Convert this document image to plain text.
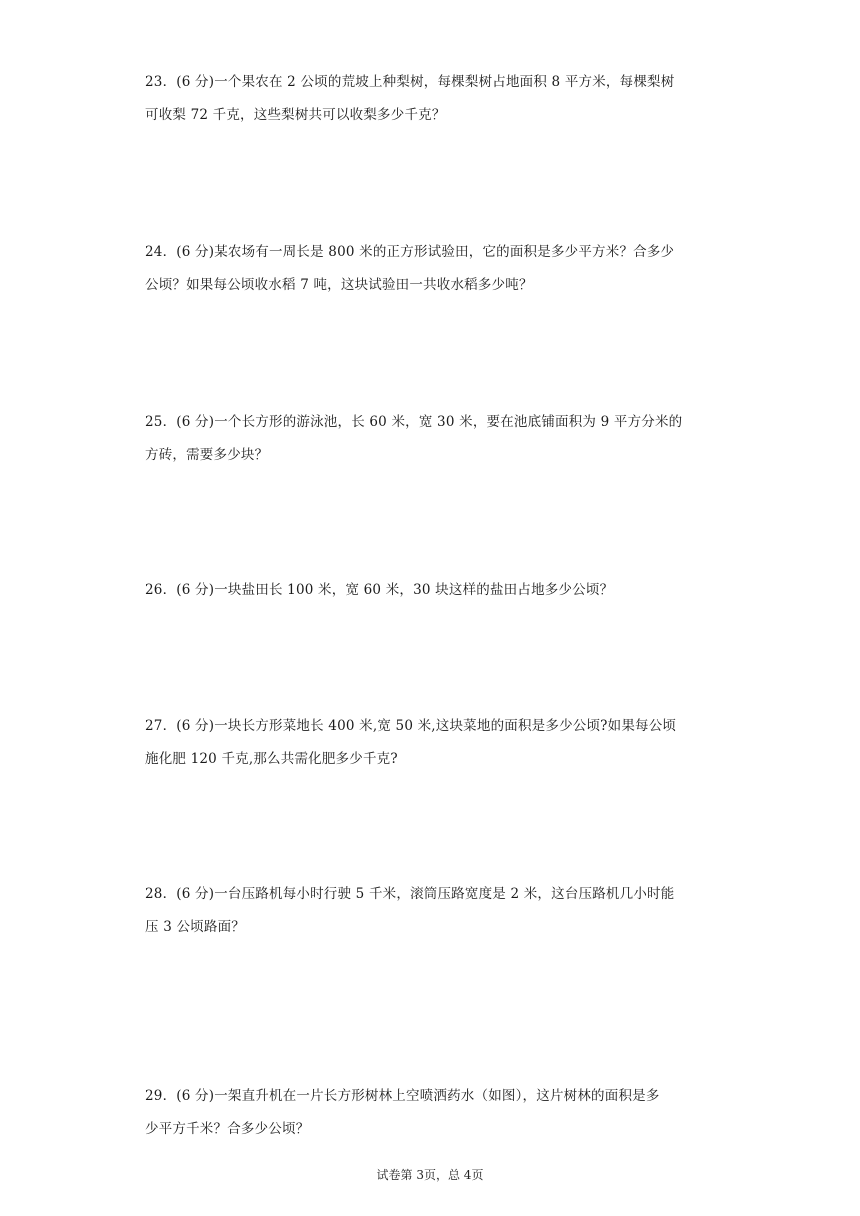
23．(6 分)一个果农在 2 公顷的荒坡上种梨树，每棵梨树占地面积 8 平方米，每棵梨树

可收梨 72 千克，这些梨树共可以收梨多少千克？

24．(6 分)某农场有一周长是 800 米的正方形试验田，它的面积是多少平方米？合多少

公顷？如果每公顷收水稻 7 吨，这块试验田一共收水稻多少吨？

25．(6 分)一个长方形的游泳池，长 60 米，宽 30 米，要在池底铺面积为 9 平方分米的

方砖，需要多少块？

26．(6 分)一块盐田长 100 米，宽 60 米，30 块这样的盐田占地多少公顷？

27．(6 分)一块长方形菜地长 400 米,宽 50 米,这块菜地的面积是多少公顷?如果每公顷

施化肥 120 千克,那么共需化肥多少千克?

28．(6 分)一台压路机每小时行驶 5 千米，滚筒压路宽度是 2 米，这台压路机几小时能

压 3 公顷路面？

29．(6 分)一架直升机在一片长方形树林上空喷洒药水（如图），这片树林的面积是多

少平方千米？合多少公顷？

试卷第 3页，总 4页
